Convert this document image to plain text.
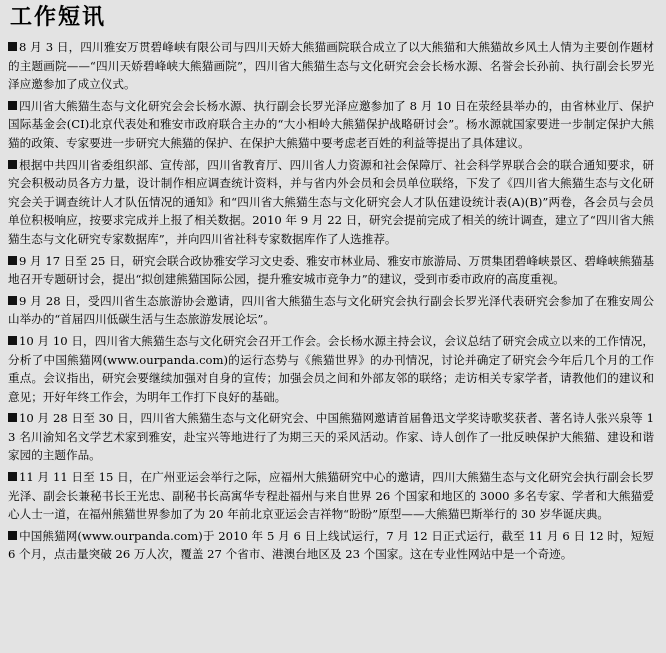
工作短讯

8 月 3 日，四川雅安万贯碧峰峡有限公司与四川天娇大熊猫画院联合成立了以大熊猫和大熊猫故乡风土人情为主要创作题材的主题画院——“四川天娇碧峰峡大熊猫画院”，四川省大熊猫生态与文化研究会会长杨水源、名誉会长孙前、执行副会长罗光泽应邀参加了成立仪式。

四川省大熊猫生态与文化研究会会长杨水源、执行副会长罗光泽应邀参加了 8 月 10 日在荥经县举办的，由省林业厅、保护国际基金会(CI)北京代表处和雅安市政府联合主办的“大小相岭大熊猫保护战略研讨会”。杨水源就国家要进一步制定保护大熊猫的政策、专家要进一步研究大熊猫的保护、在保护大熊猫中要考虑老百姓的利益等提出了具体建议。

根据中共四川省委组织部、宣传部，四川省教育厅、四川省人力资源和社会保障厅、社会科学界联合会的联合通知要求，研究会积极动员各方力量，设计制作相应调查统计资料，并与省内外会员和会员单位联络，下发了《四川省大熊猫生态与文化研究会关于调查统计人才队伍情况的通知》和“四川省大熊猫生态与文化研究会人才队伍建设统计表(A)(B)”两卷，各会员与会员单位积极响应，按要求完成并上报了相关数据。2010 年 9 月 22 日，研究会提前完成了相关的统计调查，建立了“四川省大熊猫生态与文化研究专家数据库”，并向四川省社科专家数据库作了人选推荐。

9 月 17 日至 25 日，研究会联合政协雅安学习文史委、雅安市林业局、雅安市旅游局、万贯集团碧峰峡景区、碧峰峡熊猫基地召开专题研讨会，提出“拟创建熊猫国际公园，提升雅安城市竞争力”的建议，受到市委市政府的高度重视。

9 月 28 日，受四川省生态旅游协会邀请，四川省大熊猫生态与文化研究会执行副会长罗光泽代表研究会参加了在雅安周公山举办的“首届四川低碳生活与生态旅游发展论坛”。

10 月 10 日，四川省大熊猫生态与文化研究会召开工作会。会长杨水源主持会议，会议总结了研究会成立以来的工作情况，分析了中国熊猫网(www.ourpanda.com)的运行态势与《熊猫世界》的办刊情况，讨论并确定了研究会今年后几个月的工作重点。会议指出，研究会要继续加强对自身的宣传；加强会员之间和外部友邻的联络；走访相关专家学者，请教他们的建议和意见；开好年终工作会，为明年工作打下良好的基础。

10 月 28 日至 30 日，四川省大熊猫生态与文化研究会、中国熊猫网邀请首届鲁迅文学奖诗歌奖获者、著名诗人张兴泉等 13 名川渝知名文学艺术家到雅安，赴宝兴等地进行了为期三天的采风活动。作家、诗人创作了一批反映保护大熊猫、建设和谐家园的主题作品。

11 月 11 日至 15 日，在广州亚运会举行之际，应福州大熊猫研究中心的邀请，四川大熊猫生态与文化研究会执行副会长罗光泽、副会长兼秘书长王光忠、副秘书长高寓华专程赴福州与来自世界 26 个国家和地区的 3000 多名专家、学者和大熊猫爱心人士一道，在福州熊猫世界参加了为 20 年前北京亚运会吉祥物“盼盼”原型——大熊猫巴斯举行的 30 岁华诞庆典。

中国熊猫网(www.ourpanda.com)于 2010 年 5 月 6 日上线试运行，7 月 12 日正式运行，截至 11 月 6 日 12 时，短短 6 个月，点击量突破 26 万人次，覆盖 27 个省市、港澳台地区及 23 个国家。这在专业性网站中是一个奇迹。
